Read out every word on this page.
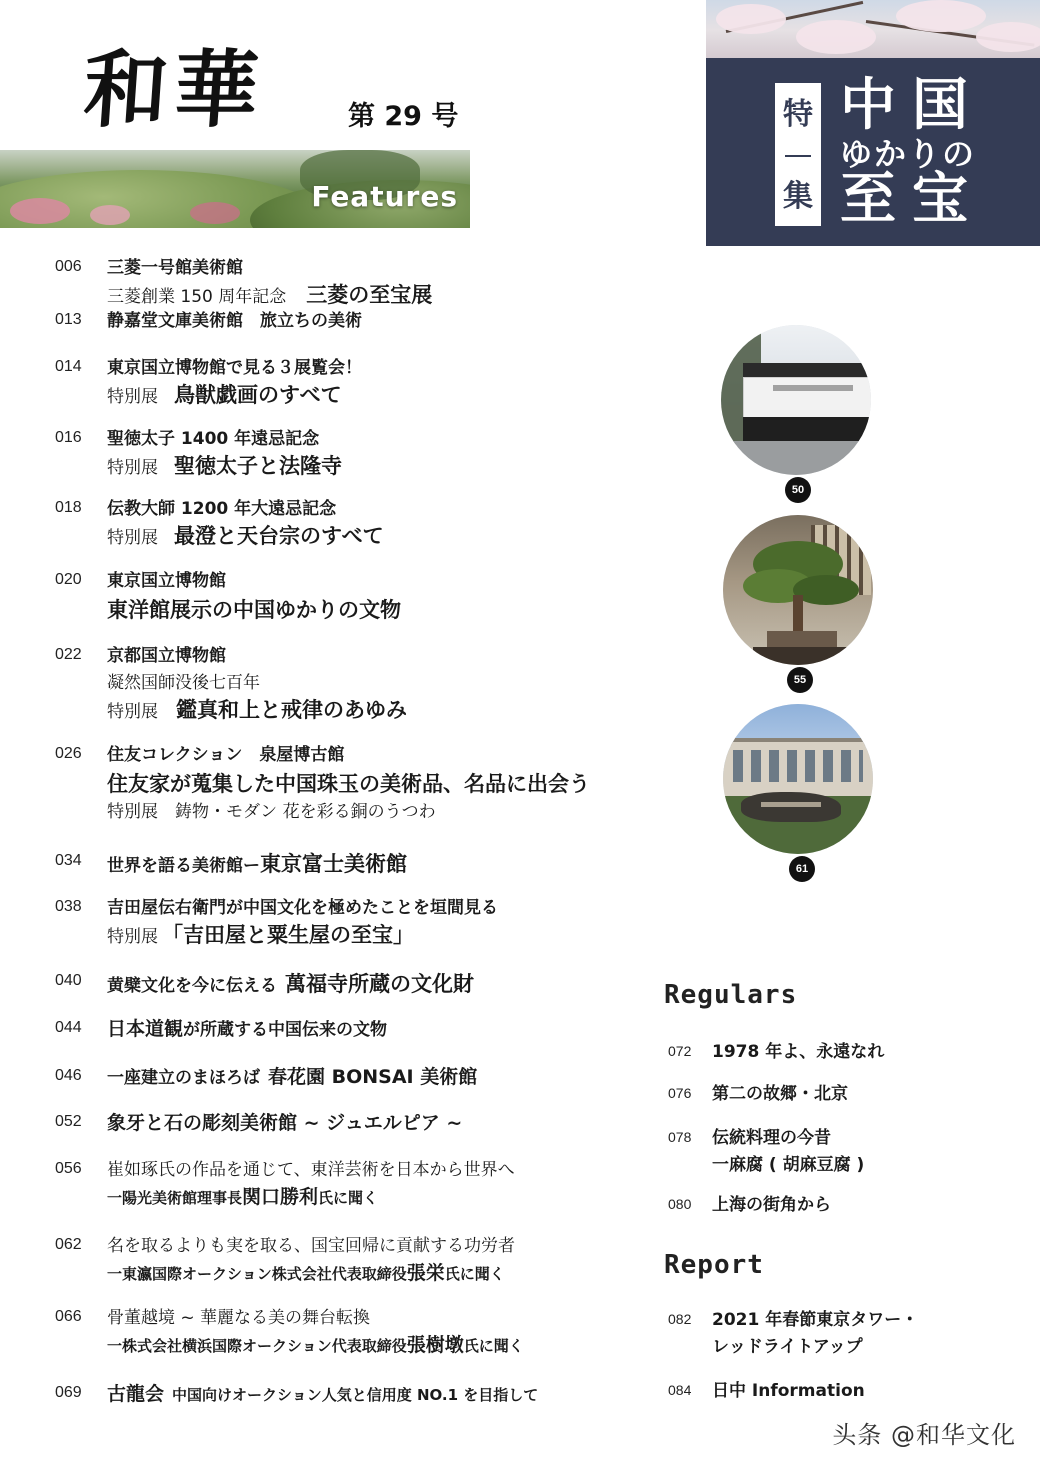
和華	第 29 号
Features
特
集
中国
ゆかりの
至宝
006	三菱一号館美術館
三菱創業 150 周年記念 三菱の至宝展
013	静嘉堂文庫美術館　旅立ちの美術
014	東京国立博物館で見る３展覧会！
特別展 鳥獣戯画のすべて
016	聖徳太子 1400 年遠忌記念
特別展 聖徳太子と法隆寺
018	伝教大師 1200 年大遠忌記念
特別展 最澄と天台宗のすべて
020	東京国立博物館
東洋館展示の中国ゆかりの文物
022	京都国立博物館
凝然国師没後七百年
特別展 鑑真和上と戒律のあゆみ
026	住友コレクション　泉屋博古館
住友家が蒐集した中国珠玉の美術品、名品に出会う
特別展　鋳物・モダン 花を彩る銅のうつわ
034	世界を語る美術館ー東京富士美術館
038	吉田屋伝右衛門が中国文化を極めたことを垣間見る
特別展 「吉田屋と粟生屋の至宝」
040	黄檗文化を今に伝える 萬福寺所蔵の文化財
044	日本道観が所蔵する中国伝来の文物
046	一座建立のまほろば 春花園 BONSAI 美術館
052	象牙と石の彫刻美術館 ~ ジュエルピア ~
056	崔如琢氏の作品を通じて、東洋芸術を日本から世界へ
一陽光美術館理事長関口勝利氏に聞く
062	名を取るよりも実を取る、国宝回帰に貢献する功労者
一東瀛国際オークション株式会社代表取締役張栄氏に聞く
066	骨董越境 ~ 華麗なる美の舞台転換
一株式会社横浜国際オークション代表取締役張樹墩氏に聞く
069	古龍会 中国向けオークション人気と信用度 NO.1 を目指して
50
55
61
Regulars
072 1978 年よ、永遠なれ
076 第二の故郷・北京
078 伝統料理の今昔
一麻腐 ( 胡麻豆腐 )
080 上海の街角から
Report
082 2021 年春節東京タワー・
レッドライトアップ
084 日中 Information
头条 @和华文化
